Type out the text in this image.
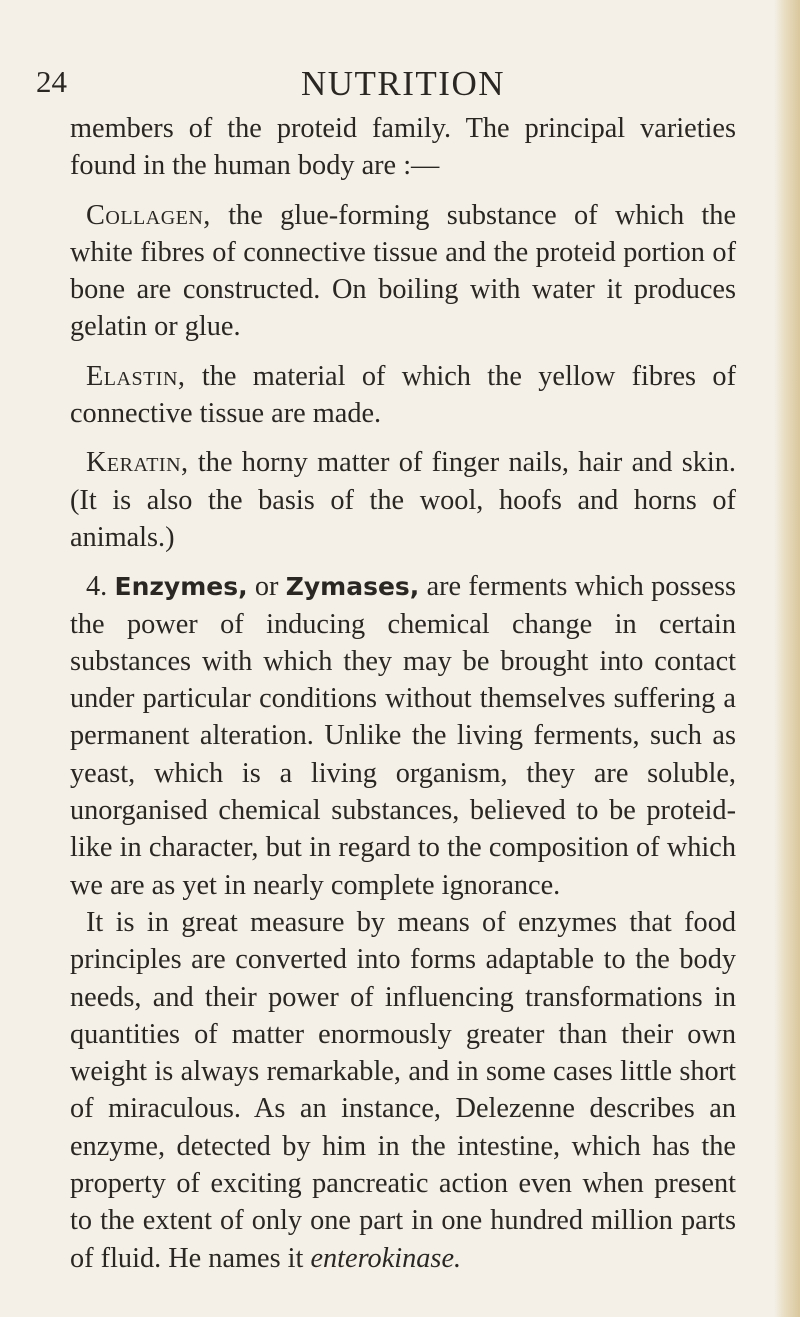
24	NUTRITION

members of the proteid family. The principal varieties found in the human body are :—

Collagen, the glue-forming substance of which the white fibres of connective tissue and the proteid portion of bone are constructed. On boiling with water it produces gelatin or glue.

Elastin, the material of which the yellow fibres of connective tissue are made.

Keratin, the horny matter of finger nails, hair and skin. (It is also the basis of the wool, hoofs and horns of animals.)

4. Enzymes, or Zymases, are ferments which possess the power of inducing chemical change in certain substances with which they may be brought into contact under particular conditions without themselves suffering a permanent alteration. Unlike the living ferments, such as yeast, which is a living organism, they are soluble, unorganised chemical substances, believed to be proteid-like in character, but in regard to the composition of which we are as yet in nearly complete ignorance.

It is in great measure by means of enzymes that food principles are converted into forms adaptable to the body needs, and their power of influencing transformations in quantities of matter enormously greater than their own weight is always remarkable, and in some cases little short of miraculous. As an instance, Delezenne describes an enzyme, detected by him in the intestine, which has the property of exciting pancreatic action even when present to the extent of only one part in one hundred million parts of fluid. He names it enterokinase.
